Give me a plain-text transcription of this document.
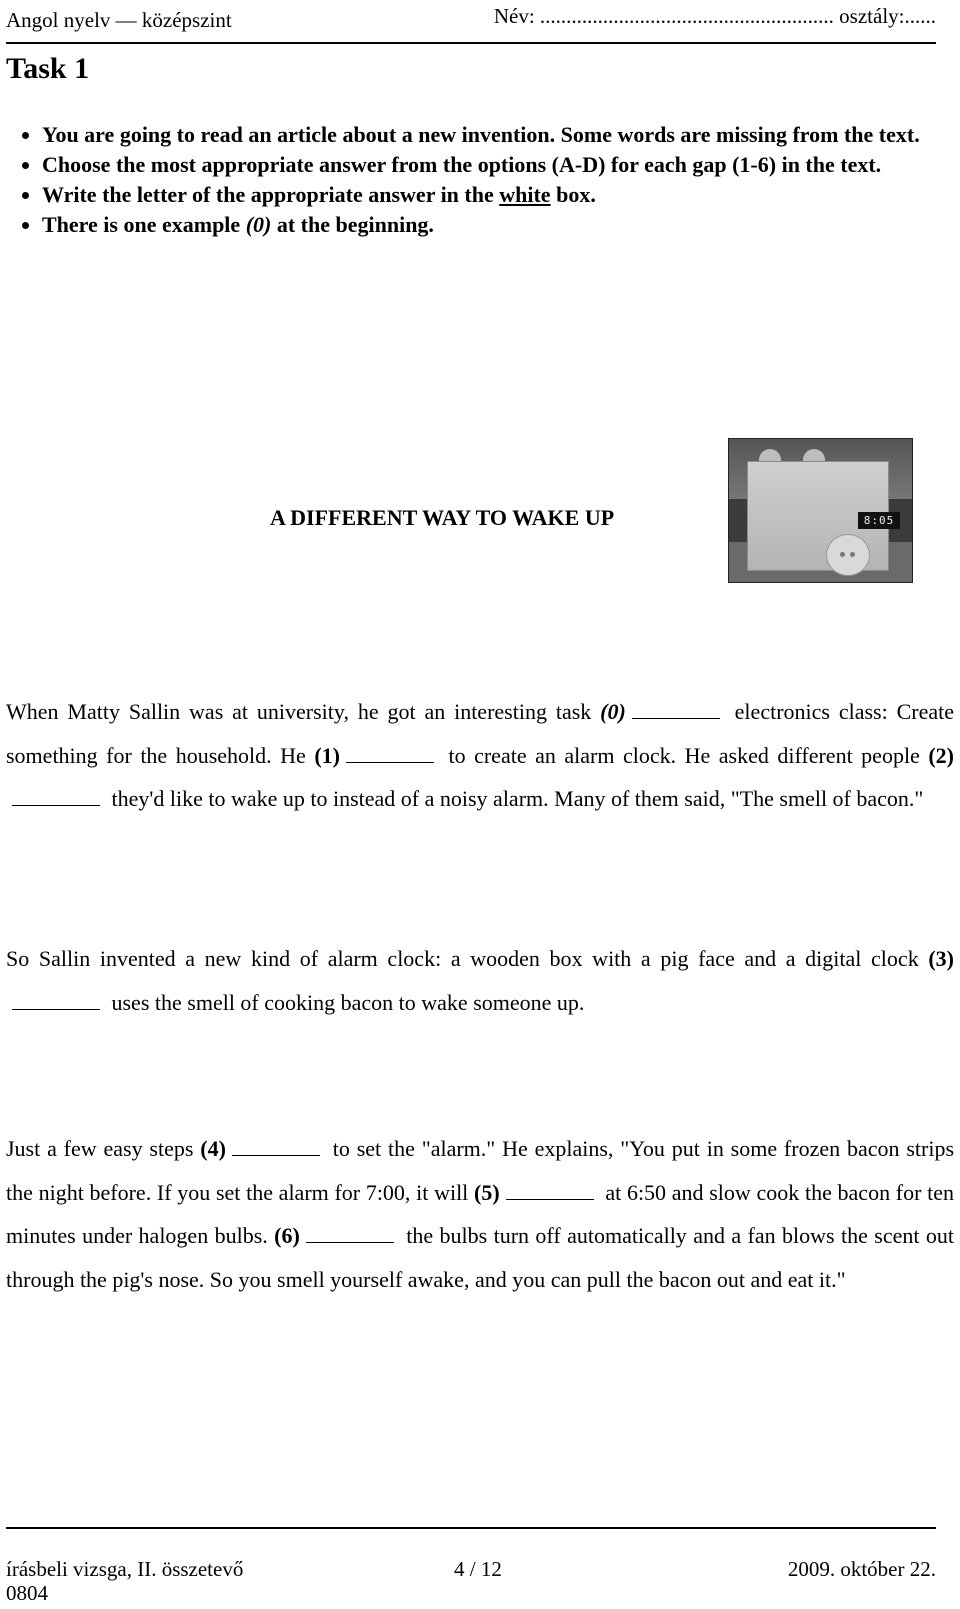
Angol nyelv — középszint	Név: ........................................................ osztály:......
Task 1
• You are going to read an article about a new invention. Some words are missing from the text.
• Choose the most appropriate answer from the options (A-D) for each gap (1-6) in the text.
• Write the letter of the appropriate answer in the white box.
• There is one example (0) at the beginning.
A DIFFERENT WAY TO WAKE UP	8:05

When Matty Sallin was at university, he got an interesting task (0)	electronics class: Create something for the household. He (1)	to create an alarm clock. He asked different people (2) they'd like to wake up to instead of a noisy alarm. Many of them said, "The smell of bacon."

So Sallin invented a new kind of alarm clock: a wooden box with a pig face and a digital clock (3) uses the smell of cooking bacon to wake someone up.

Just a few easy steps (4)	to set the "alarm." He explains, "You put in some frozen bacon strips the night before. If you set the alarm for 7:00, it will (5)	at 6:50 and slow cook the bacon for ten minutes under halogen bulbs. (6)	the bulbs turn off automatically and a fan blows the scent out through the pig's nose. So you smell yourself awake, and you can pull the bacon out and eat it."

írásbeli vizsga, II. összetevő	4 / 12	2009. október 22.
0804
